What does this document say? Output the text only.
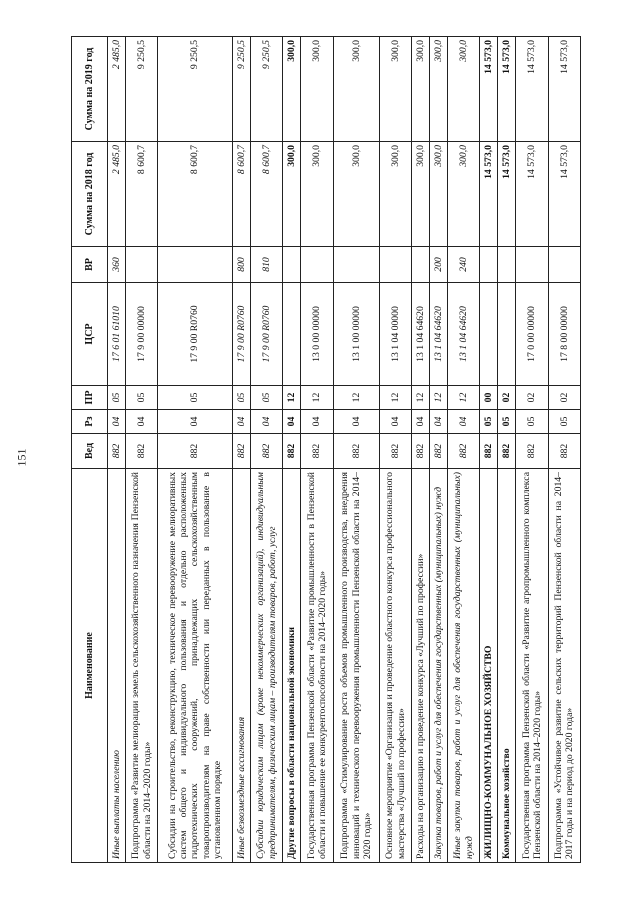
151
Наименование	Вед	Рз	ПР	ЦСР	ВР	Сумма на 2018 год	Сумма на 2019 год
Иные выплаты населению	882	04	05	17 6 01 61010	360	2 485,0	2 485,0
Подпрограмма «Развитие мелиорации земель сельскохозяйственного назначения Пензенской области на 2014–2020 годы»	882	04	05	17 9 00 00000		8 600,7	9 250,5
Субсидии на строительство, реконструкцию, техническое перевооружение мелиоративных систем общего и индивидуального пользования и отдельно расположенных гидротехнических сооружений, принадлежащих сельскохозяйственным товаропроизводителям на праве собственности или переданных в пользование в установленном порядке	882	04	05	17 9 00 R0760		8 600,7	9 250,5
Иные безвозмездные ассигнования	882	04	05	17 9 00 R0760	800	8 600,7	9 250,5
Субсидии юридическим лицам (кроме некоммерческих организаций), индивидуальным предпринимателям, физическим лицам – производителям товаров, работ, услуг	882	04	05	17 9 00 R0760	810	8 600,7	9 250,5
Другие вопросы в области национальной экономики	882	04	12			300,0	300,0
Государственная программа Пензенской области «Развитие промышленности в Пензенской области и повышение ее конкурентоспособности на 2014–2020 годы»	882	04	12	13 0 00 00000		300,0	300,0
Подпрограмма «Стимулирование роста объемов промышленного производства, внедрения инноваций и технического перевооружения промышленности Пензенской области на 2014–2020 годы»	882	04	12	13 1 00 00000		300,0	300,0
Основное мероприятие «Организация и проведение областного конкурса профессионального мастерства «Лучший по профессии»	882	04	12	13 1 04 00000		300,0	300,0
Расходы на организацию и проведение конкурса «Лучший по профессии»	882	04	12	13 1 04 64620		300,0	300,0
Закупка товаров, работ и услуг для обеспечения государственных (муниципальных) нужд	882	04	12	13 1 04 64620	200	300,0	300,0
Иные закупки товаров, работ и услуг для обеспечения государственных (муниципальных) нужд	882	04	12	13 1 04 64620	240	300,0	300,0
ЖИЛИЩНО-КОММУНАЛЬНОЕ ХОЗЯЙСТВО	882	05	00			14 573,0	14 573,0
Коммунальное хозяйство	882	05	02			14 573,0	14 573,0
Государственная программа Пензенской области «Развитие агропромышленного комплекса Пензенской области на 2014–2020 годы»	882	05	02	17 0 00 00000		14 573,0	14 573,0
Подпрограмма «Устойчивое развитие сельских территорий Пензенской области на 2014–2017 годы и на период до 2020 года»	882	05	02	17 8 00 00000		14 573,0	14 573,0
